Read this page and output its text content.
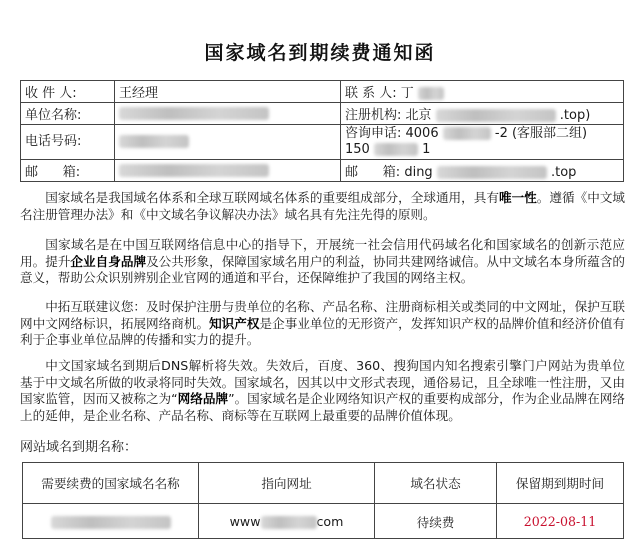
国家域名到期续费通知函
收 件 人:	王经理	联 系 人: 丁
单位名称:		注册机构: 北京 .top)
电话号码:		咨询申话: 4006 -2 (客服部二组)
150 1

邮      箱:		邮      箱: ding .top

国家域名是我国域名体系和全球互联网域名体系的重要组成部分，全球通用，具有唯一性。遵循《中文域名注册管理办法》和《中文域名争议解决办法》域名具有先注先得的原则。

国家域名是在中国互联网络信息中心的指导下，开展统一社会信用代码域名化和国家域名的创新示范应用。提升企业自身品牌及公共形象，保障国家域名用户的利益，协同共建网络诚信。从中文域名本身所蕴含的意义，帮助公众识别辨别企业官网的通道和平台，还保障维护了我国的网络主权。

中拓互联建议您：及时保护注册与贵单位的名称、产品名称、注册商标相关或类同的中文网址，保护互联网中文网络标识，拓展网络商机。知识产权是企事业单位的无形资产，发挥知识产权的品牌价值和经济价值有利于企事业单位品牌的传播和实力的提升。

中文国家域名到期后DNS解析将失效。失效后，百度、360、搜狗国内知名搜索引擎门户网站为贵单位基于中文域名所做的收录将同时失效。国家域名，因其以中文形式表现，通俗易记，且全球唯一性注册，又由国家监管，因而又被称之为“网络品牌”。国家域名是企业网络知识产权的重要构成部分，作为企业品牌在网络上的延伸，是企业名称、产品名称、商标等在互联网上最重要的品牌价值体现。

网站域名到期名称：

需要续费的国家域名名称	指向网址	域名状态	保留期到期时间
	www com	待续费	2022-08-11
